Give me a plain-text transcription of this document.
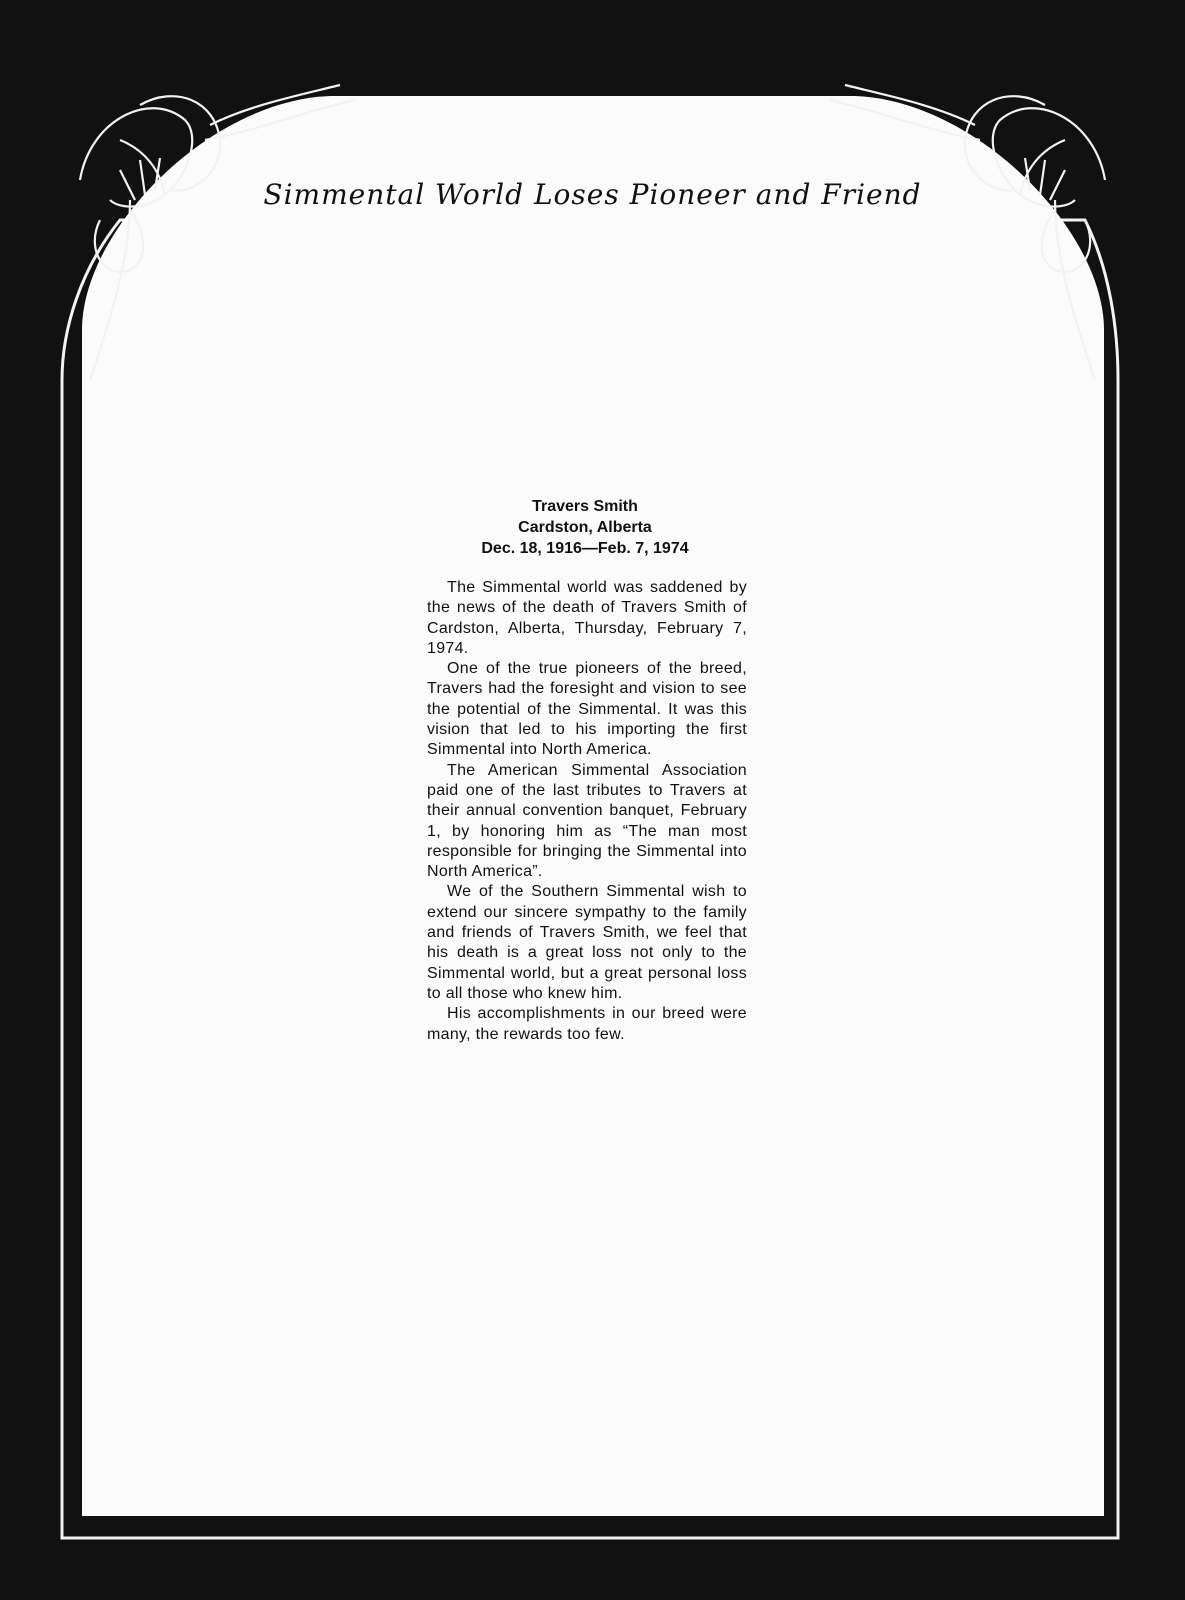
Simmental World Loses Pioneer and Friend
Travers Smith
Cardston, Alberta
Dec. 18, 1916—Feb. 7, 1974

The Simmental world was saddened by the news of the death of Travers Smith of Cardston, Alberta, Thursday, February 7, 1974.

One of the true pioneers of the breed, Travers had the foresight and vision to see the potential of the Simmental. It was this vision that led to his importing the first Simmental into North America.

The American Simmental Association paid one of the last tributes to Travers at their annual convention banquet, February 1, by honoring him as “The man most responsible for bringing the Simmental into North America”.

We of the Southern Simmental wish to extend our sincere sympathy to the family and friends of Travers Smith, we feel that his death is a great loss not only to the Simmental world, but a great personal loss to all those who knew him.

His accomplishments in our breed were many, the rewards too few.
